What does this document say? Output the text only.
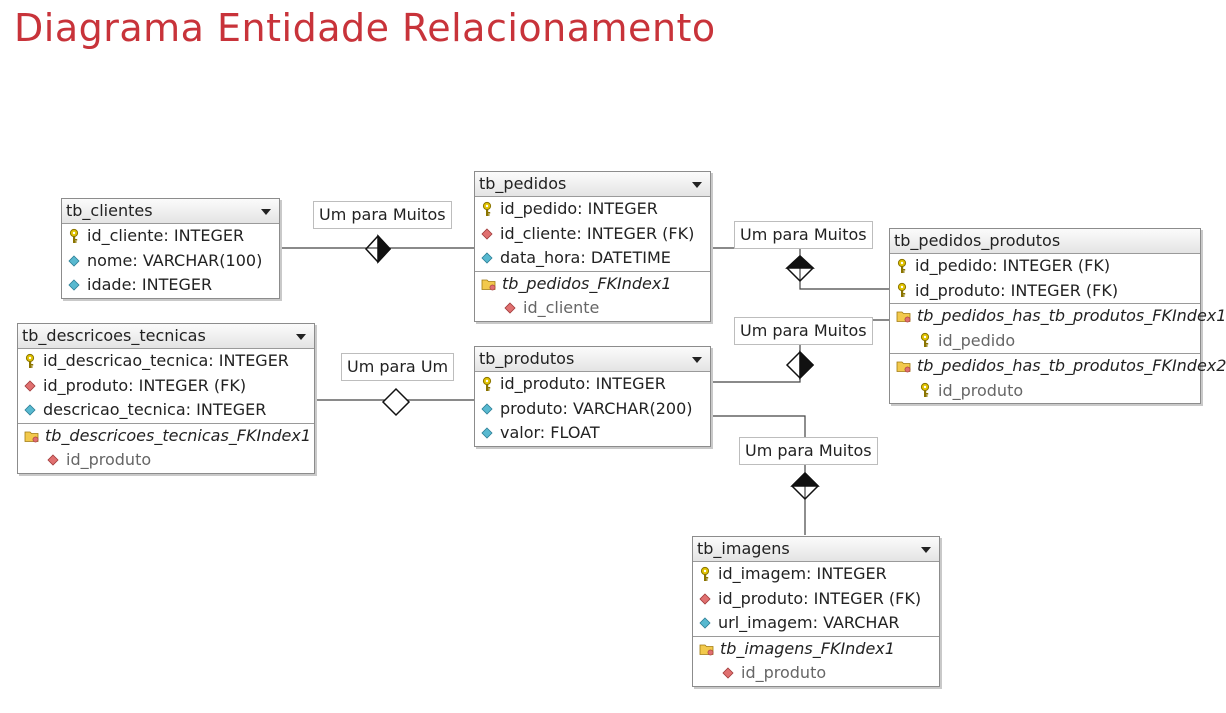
Diagrama Entidade Relacionamento
Um para Muitos
Um para Muitos
Um para Muitos
Um para Um
Um para Muitos
tb_clientes
id_cliente: INTEGER
nome: VARCHAR(100)
idade: INTEGER
tb_pedidos
id_pedido: INTEGER
id_cliente: INTEGER (FK)
data_hora: DATETIME
tb_pedidos_FKIndex1
id_cliente
tb_pedidos_produtos
id_pedido: INTEGER (FK)
id_produto: INTEGER (FK)
tb_pedidos_has_tb_produtos_FKIndex1
id_pedido
tb_pedidos_has_tb_produtos_FKIndex2
id_produto
tb_descricoes_tecnicas
id_descricao_tecnica: INTEGER
id_produto: INTEGER (FK)
descricao_tecnica: INTEGER
tb_descricoes_tecnicas_FKIndex1
id_produto
tb_produtos
id_produto: INTEGER
produto: VARCHAR(200)
valor: FLOAT
tb_imagens
id_imagem: INTEGER
id_produto: INTEGER (FK)
url_imagem: VARCHAR
tb_imagens_FKIndex1
id_produto
